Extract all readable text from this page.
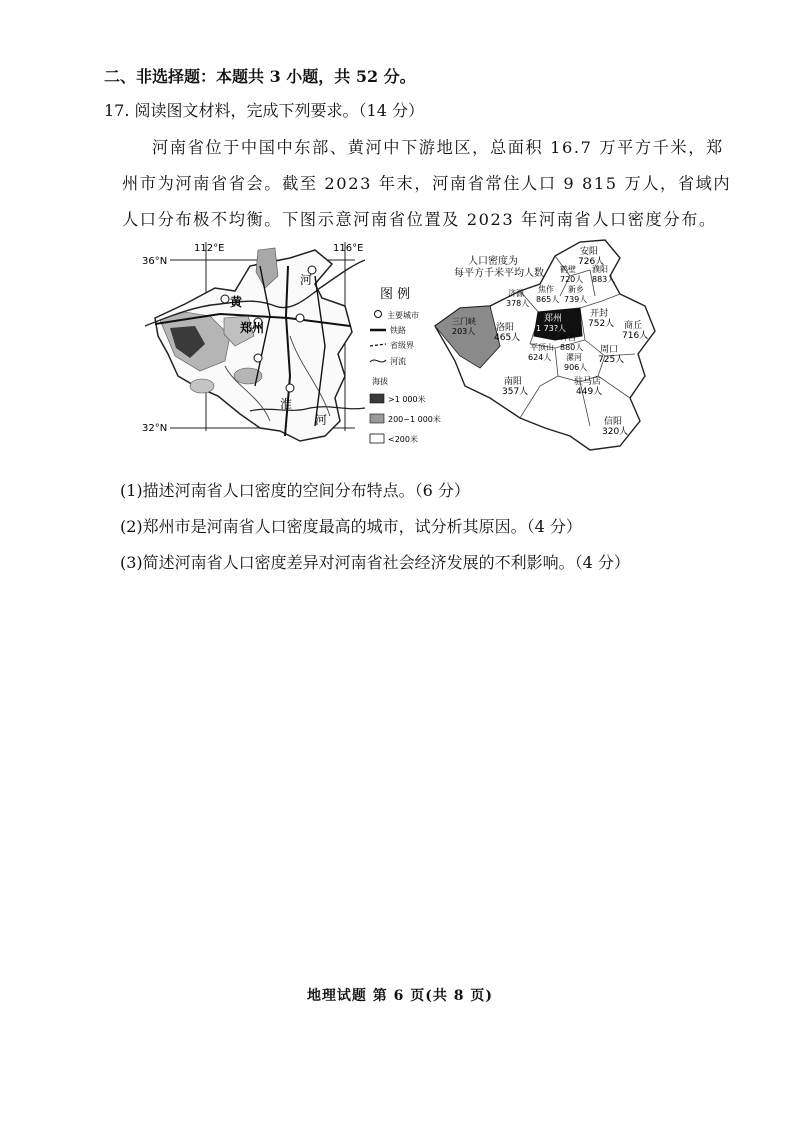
二、非选择题：本题共 3 小题，共 52 分。
17. 阅读图文材料，完成下列要求。（14 分）
河南省位于中国中东部、黄河中下游地区，总面积 16.7 万平方千米，郑
州市为河南省省会。截至 2023 年末，河南省常住人口 9 815 万人，省域内
人口分布极不均衡。下图示意河南省位置及 2023 年河南省人口密度分布。
112°E	116°E
36°N
32°N
河
黄
郑州
淮
河
图 例
主要城市
铁路
省级界
河流
海拔
>1 000米
200~1 000米
<200米
人口密度为
每平方千米平均人数
安阳
726人
鹤壁
720人
濮阳
883人
济源
378人
焦作
865人
新乡
739人
三门峡
203人
郑州
1 73?人
开封
752人 商丘
716人
洛阳
465人
平顶山
624人
许昌
880人
漯河
906人
周口
725人
南阳
357人
驻马店
449人
信阳
320人
(1)描述河南省人口密度的空间分布特点。（6 分）
(2)郑州市是河南省人口密度最高的城市，试分析其原因。（4 分）
(3)简述河南省人口密度差异对河南省社会经济发展的不利影响。（4 分）
地理试题 第 6 页(共 8 页)
